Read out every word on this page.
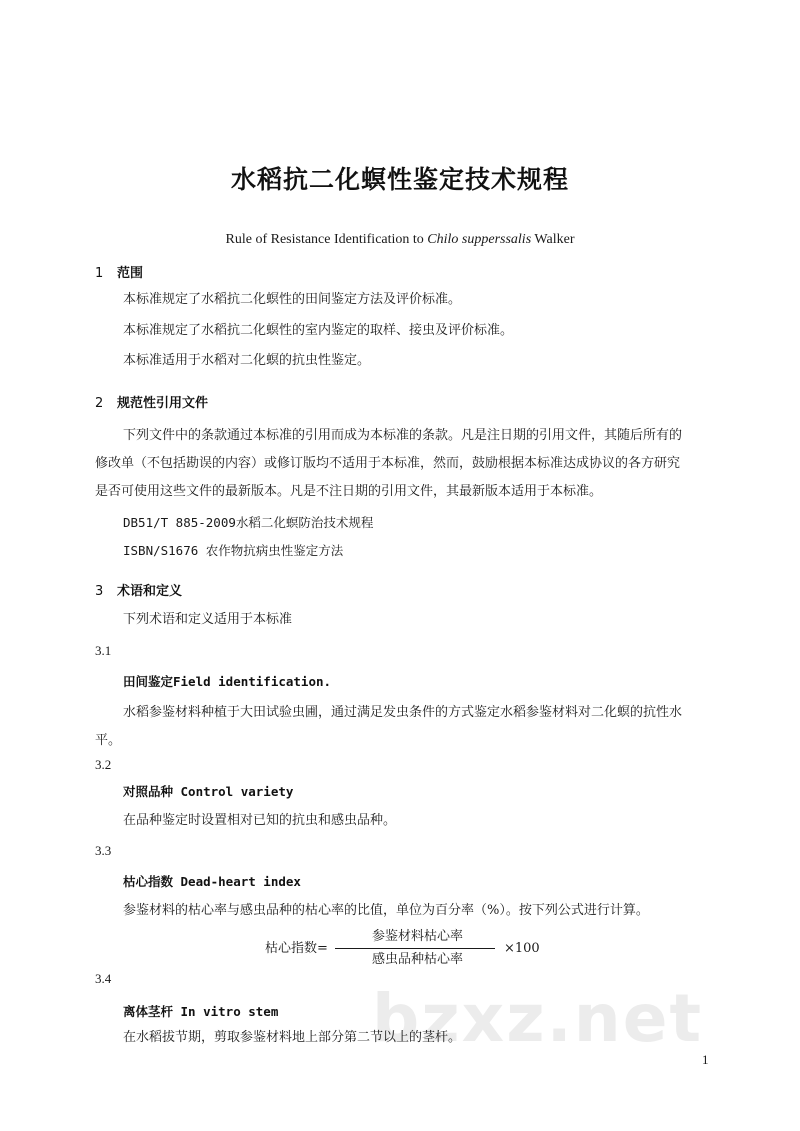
bzxz.net
水稻抗二化螟性鉴定技术规程
Rule of Resistance Identification to Chilo supperssalis Walker
1 范围
本标准规定了水稻抗二化螟性的田间鉴定方法及评价标准。
本标准规定了水稻抗二化螟性的室内鉴定的取样、接虫及评价标准。
本标准适用于水稻对二化螟的抗虫性鉴定。
2 规范性引用文件
下列文件中的条款通过本标准的引用而成为本标准的条款。凡是注日期的引用文件，其随后所有的
修改单（不包括勘误的内容）或修订版均不适用于本标准，然而，鼓励根据本标准达成协议的各方研究
是否可使用这些文件的最新版本。凡是不注日期的引用文件，其最新版本适用于本标准。
DB51/T 885-2009水稻二化螟防治技术规程
ISBN/S1676 农作物抗病虫性鉴定方法
3 术语和定义
下列术语和定义适用于本标准
3.1
田间鉴定Field identification.
水稻参鉴材料种植于大田试验虫圃，通过满足发虫条件的方式鉴定水稻参鉴材料对二化螟的抗性水
平。
3.2
对照品种 Control variety
在品种鉴定时设置相对已知的抗虫和感虫品种。
3.3
枯心指数 Dead-heart index
参鉴材料的枯心率与感虫品种的枯心率的比值，单位为百分率（%）。按下列公式进行计算。
枯心指数=
参鉴材料枯心率
感虫品种枯心率
×100
3.4
离体茎杆 In vitro stem
在水稻拔节期，剪取参鉴材料地上部分第二节以上的茎杆。
1
